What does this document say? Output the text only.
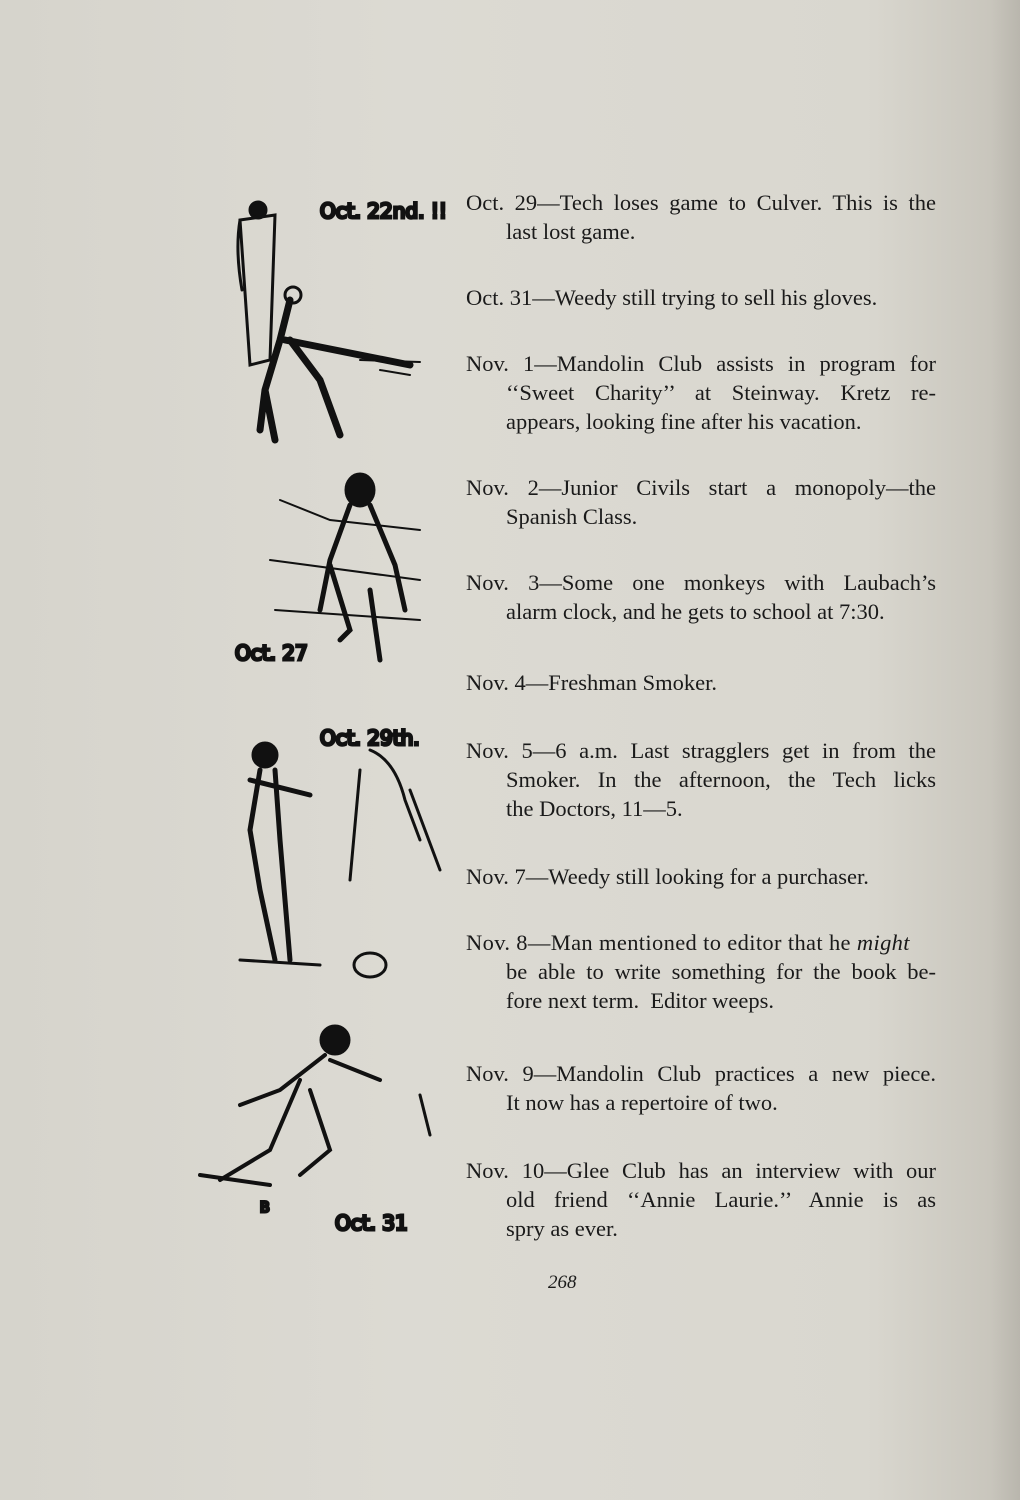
Oct. 22nd. !!
Oct. 27
Oct. 29th.
Oct. 31
B
Oct. 29—Tech loses game to Culver. This is the
last lost game.
Oct. 31—Weedy still trying to sell his gloves.
Nov. 1—Mandolin Club assists in program for
‘‘Sweet Charity’’ at Steinway. Kretz re-
appears, looking fine after his vacation.
Nov. 2—Junior Civils start a monopoly—the
Spanish Class.
Nov. 3—Some one monkeys with Laubach’s
alarm clock, and he gets to school at 7:30.
Nov. 4—Freshman Smoker.
Nov. 5—6 a.m. Last stragglers get in from the
Smoker. In the afternoon, the Tech licks
the Doctors, 11—5.
Nov. 7—Weedy still looking for a purchaser.
Nov. 8—Man mentioned to editor that he might
be able to write something for the book be-
fore next term.  Editor weeps.
Nov. 9—Mandolin Club practices a new piece.
It now has a repertoire of two.
Nov. 10—Glee Club has an interview with our
old friend ‘‘Annie Laurie.’’ Annie is as
spry as ever.
268
